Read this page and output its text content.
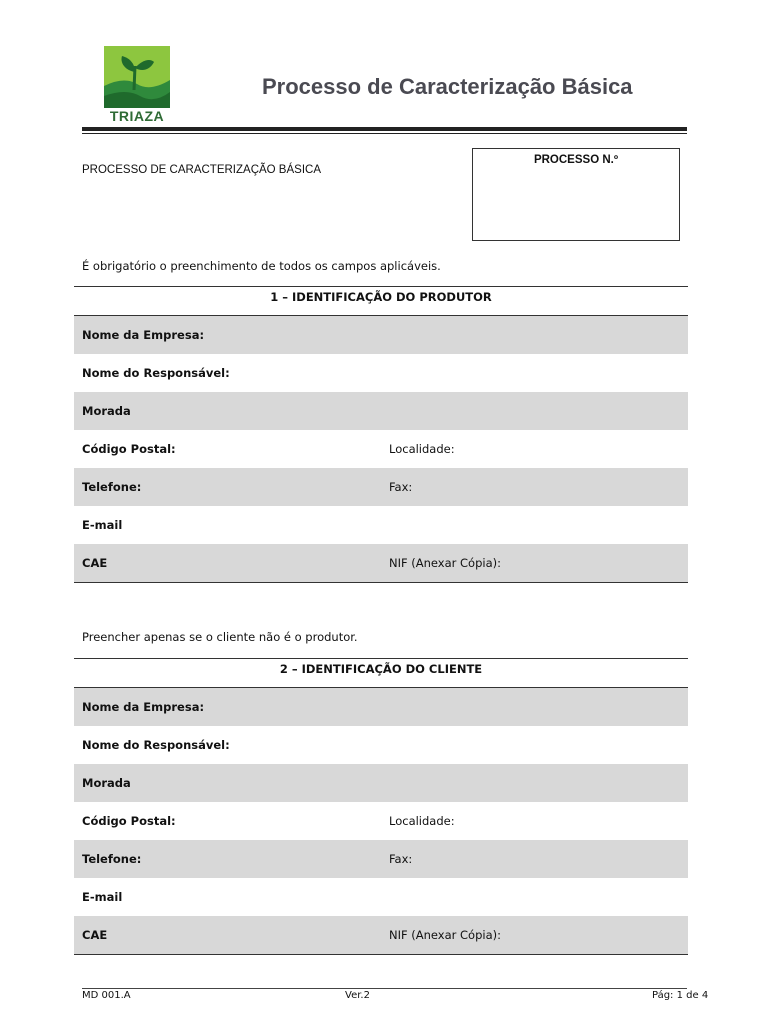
TRIAZA
Processo de Caracterização Básica
PROCESSO DE CARACTERIZAÇÃO BÁSICA
PROCESSO N.º
É obrigatório o preenchimento de todos os campos aplicáveis.
1 – IDENTIFICAÇÃO DO PRODUTOR
Nome da Empresa:
Nome do Responsável:
Morada
Código Postal:	Localidade:
Telefone:	Fax:
E-mail
CAE	NIF (Anexar Cópia):
Preencher apenas se o cliente não é o produtor.
2 – IDENTIFICAÇÃO DO CLIENTE
Nome da Empresa:
Nome do Responsável:
Morada
Código Postal:	Localidade:
Telefone:	Fax:
E-mail
CAE	NIF (Anexar Cópia):
MD 001.A	Ver.2	Pág: 1 de 4
